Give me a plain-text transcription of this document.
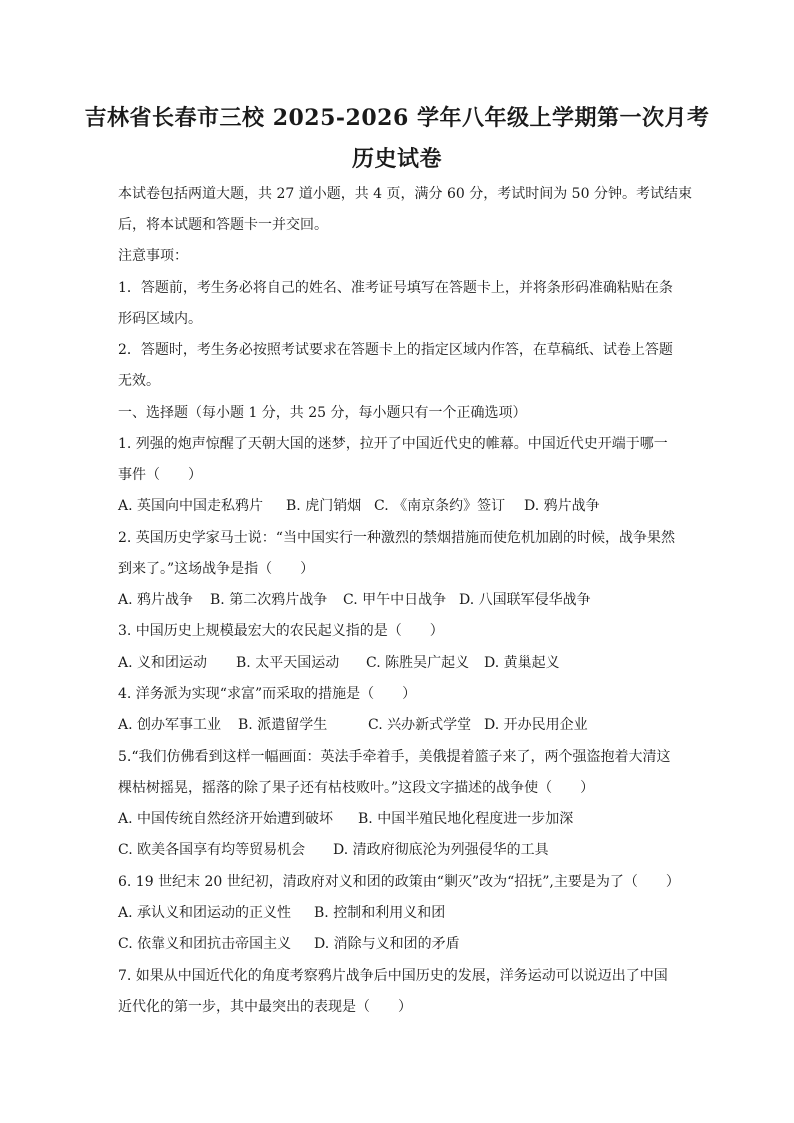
吉林省长春市三校 2025-2026 学年八年级上学期第一次月考
历史试卷
本试卷包括两道大题，共 27 道小题，共 4 页，满分 60 分，考试时间为 50 分钟。考试结束
后，将本试题和答题卡一并交回。
注意事项：
1．答题前，考生务必将自己的姓名、准考证号填写在答题卡上，并将条形码准确粘贴在条
形码区域内。
2．答题时，考生务必按照考试要求在答题卡上的指定区域内作答，在草稿纸、试卷上答题
无效。
一、选择题（每小题 1 分，共 25 分，每小题只有一个正确选项）
1. 列强的炮声惊醒了天朝大国的迷梦，拉开了中国近代史的帷幕。中国近代史开端于哪一
事件（　　）
A. 英国向中国走私鸦片 B. 虎门销烟 C. 《南京条约》签订 D. 鸦片战争
2. 英国历史学家马士说：“当中国实行一种激烈的禁烟措施而使危机加剧的时候，战争果然
到来了。”这场战争是指（　　）
A. 鸦片战争 B. 第二次鸦片战争 C. 甲午中日战争 D. 八国联军侵华战争
3. 中国历史上规模最宏大的农民起义指的是（　　）
A. 义和团运动 B. 太平天国运动 C. 陈胜吴广起义 D. 黄巢起义
4. 洋务派为实现“求富”而采取的措施是（　　）
A. 创办军事工业 B. 派遣留学生	C. 兴办新式学堂 D. 开办民用企业
5.“我们仿佛看到这样一幅画面：英法手牵着手，美俄提着篮子来了，两个强盗抱着大清这
棵枯树摇晃，摇落的除了果子还有枯枝败叶。”这段文字描述的战争使（　　）
A. 中国传统自然经济开始遭到破坏 B. 中国半殖民地化程度进一步加深
C. 欧美各国享有均等贸易机会 D. 清政府彻底沦为列强侵华的工具
6. 19 世纪末 20 世纪初，清政府对义和团的政策由“剿灭”改为“招抚”,主要是为了（　　）
A. 承认义和团运动的正义性 B. 控制和利用义和团
C. 依靠义和团抗击帝国主义 D. 消除与义和团的矛盾
7. 如果从中国近代化的角度考察鸦片战争后中国历史的发展，洋务运动可以说迈出了中国
近代化的第一步，其中最突出的表现是（　　）
